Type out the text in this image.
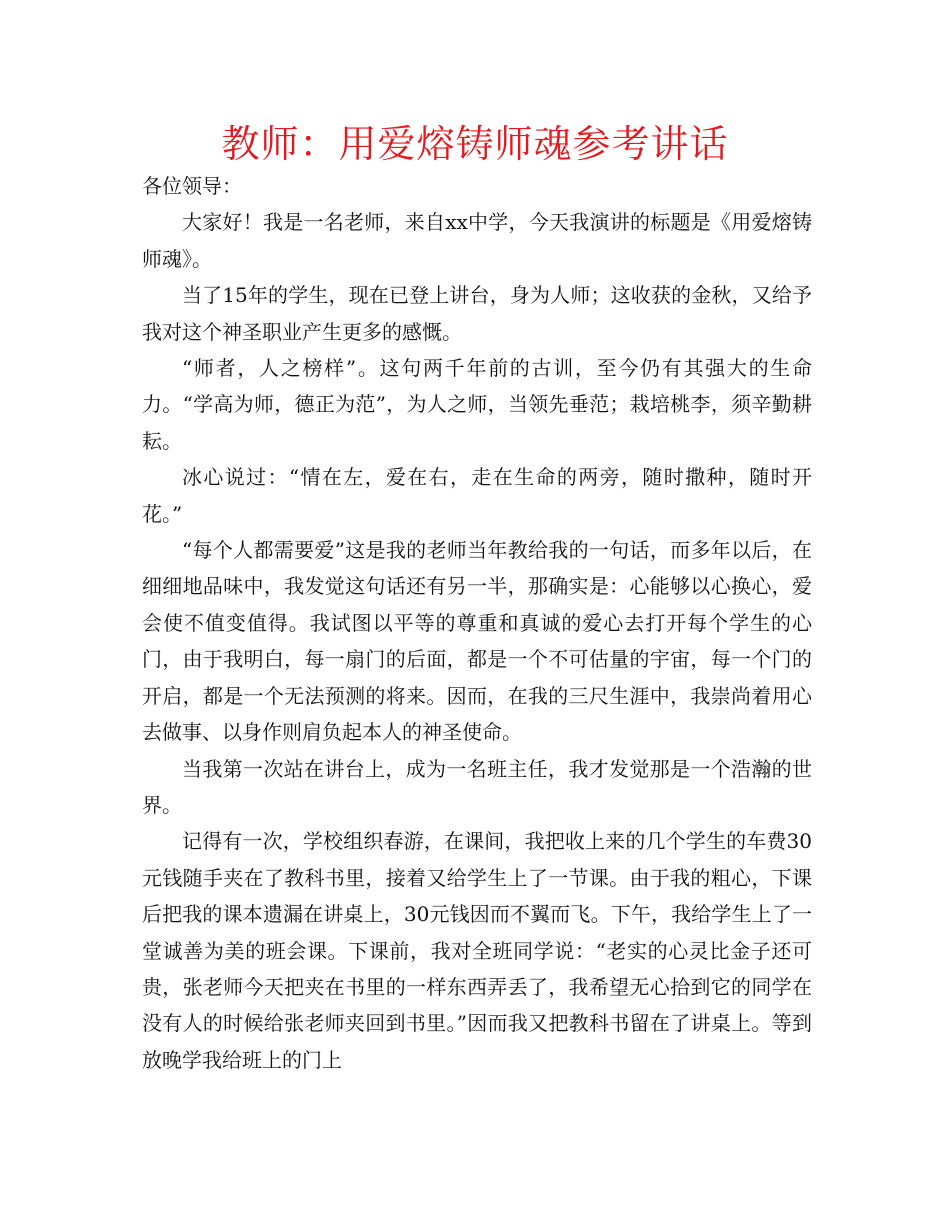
教师：用爱熔铸师魂参考讲话

各位领导：

大家好！我是一名老师，来自xx中学，今天我演讲的标题是《用爱熔铸师魂》。

当了15年的学生，现在已登上讲台，身为人师；这收获的金秋，又给予我对这个神圣职业产生更多的感慨。

“师者，人之榜样”。这句两千年前的古训，至今仍有其强大的生命力。“学高为师，德正为范”，为人之师，当领先垂范；栽培桃李，须辛勤耕耘。

冰心说过：“情在左，爱在右，走在生命的两旁，随时撒种，随时开花。”

“每个人都需要爱”这是我的老师当年教给我的一句话，而多年以后，在细细地品味中，我发觉这句话还有另一半，那确实是：心能够以心换心，爱会使不值变值得。我试图以平等的尊重和真诚的爱心去打开每个学生的心门，由于我明白，每一扇门的后面，都是一个不可估量的宇宙，每一个门的开启，都是一个无法预测的将来。因而，在我的三尺生涯中，我崇尚着用心去做事、以身作则肩负起本人的神圣使命。

当我第一次站在讲台上，成为一名班主任，我才发觉那是一个浩瀚的世界。

记得有一次，学校组织春游，在课间，我把收上来的几个学生的车费30元钱随手夹在了教科书里，接着又给学生上了一节课。由于我的粗心，下课后把我的课本遗漏在讲桌上，30元钱因而不翼而飞。下午，我给学生上了一堂诚善为美的班会课。下课前，我对全班同学说：“老实的心灵比金子还可贵，张老师今天把夹在书里的一样东西弄丢了，我希望无心拾到它的同学在没有人的时候给张老师夹回到书里。”因而我又把教科书留在了讲桌上。等到放晚学我给班上的门上
